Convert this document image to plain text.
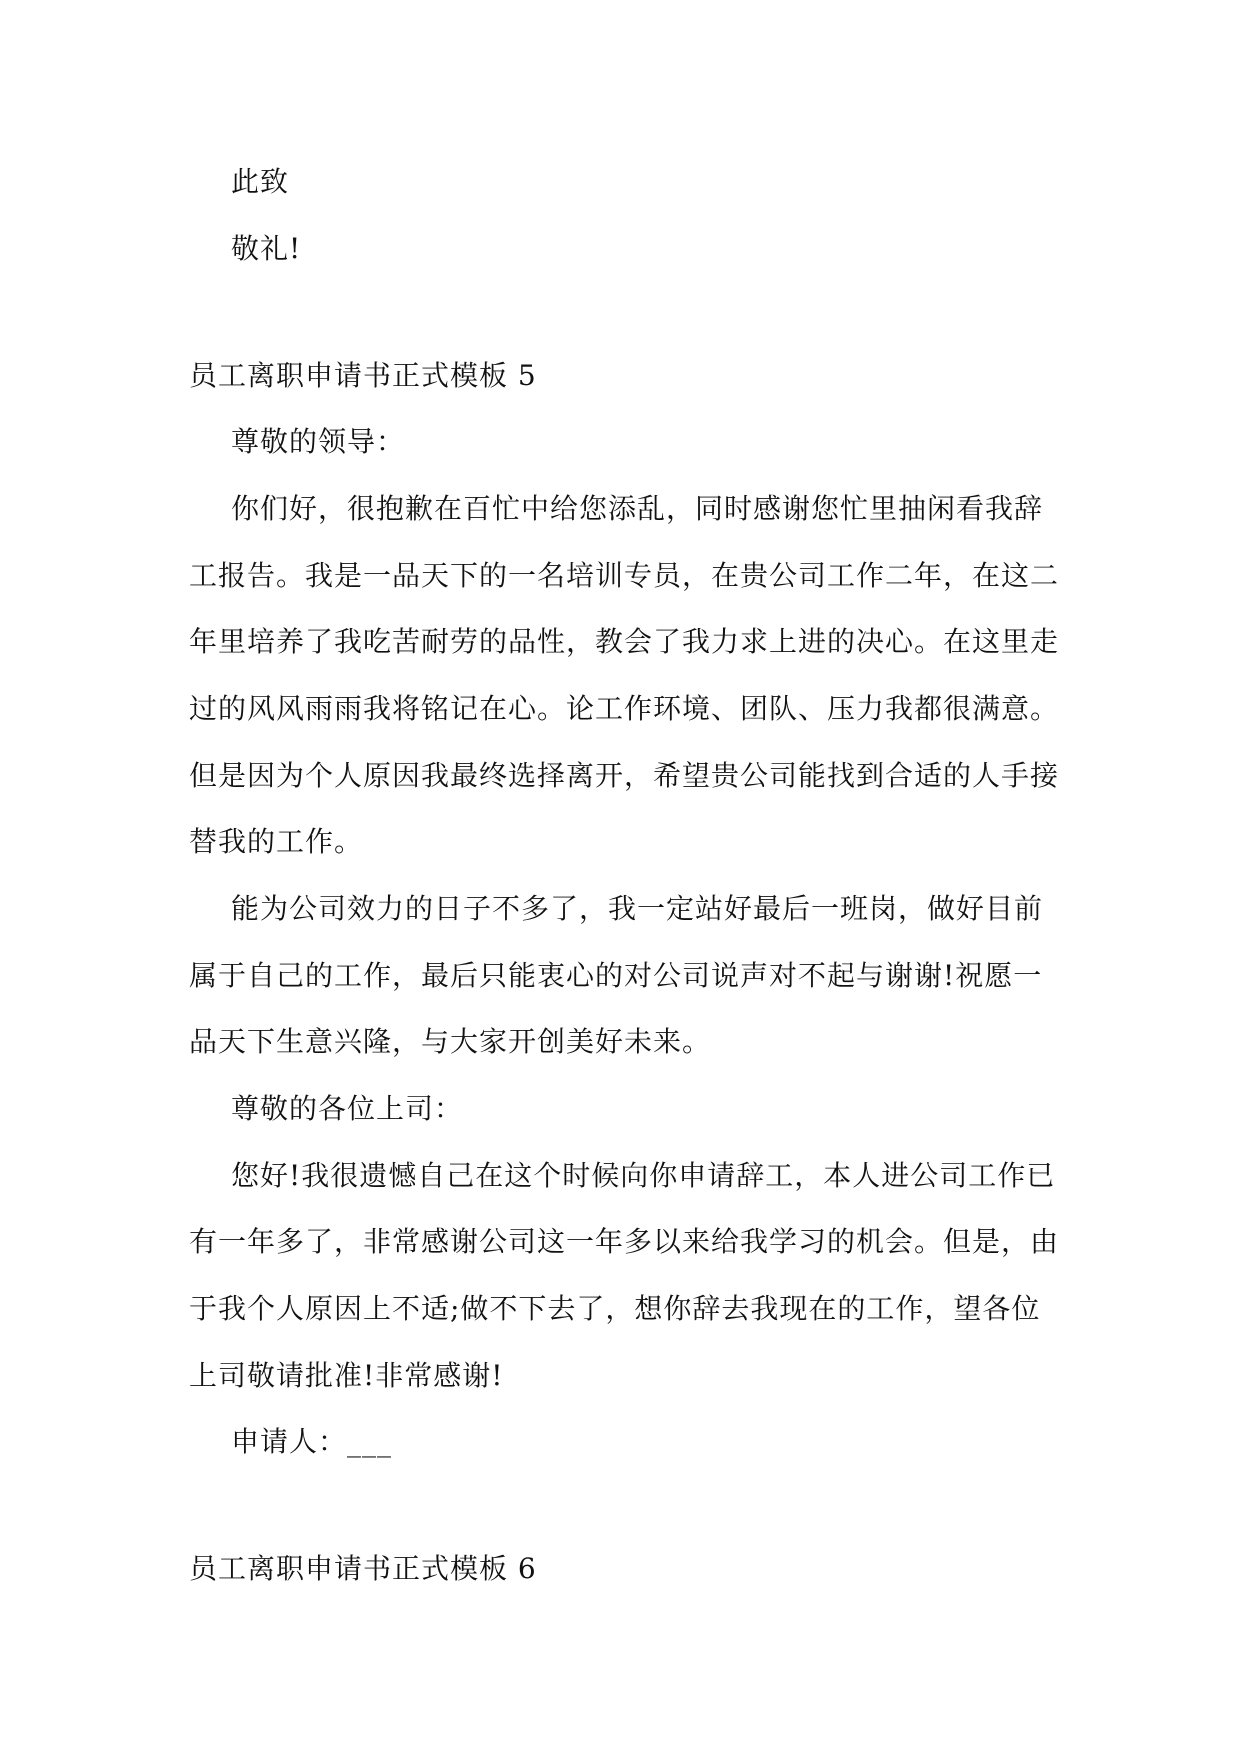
此致
敬礼!
员工离职申请书正式模板 5
尊敬的领导：
你们好，很抱歉在百忙中给您添乱，同时感谢您忙里抽闲看我辞
工报告。我是一品天下的一名培训专员，在贵公司工作二年，在这二
年里培养了我吃苦耐劳的品性，教会了我力求上进的决心。在这里走
过的风风雨雨我将铭记在心。论工作环境、团队、压力我都很满意。
但是因为个人原因我最终选择离开，希望贵公司能找到合适的人手接
替我的工作。
能为公司效力的日子不多了，我一定站好最后一班岗，做好目前
属于自己的工作，最后只能衷心的对公司说声对不起与谢谢!祝愿一
品天下生意兴隆，与大家开创美好未来。
尊敬的各位上司：
您好!我很遗憾自己在这个时候向你申请辞工，本人进公司工作已
有一年多了，非常感谢公司这一年多以来给我学习的机会。但是，由
于我个人原因上不适;做不下去了，想你辞去我现在的工作，望各位
上司敬请批准!非常感谢!
申请人：___
员工离职申请书正式模板 6
